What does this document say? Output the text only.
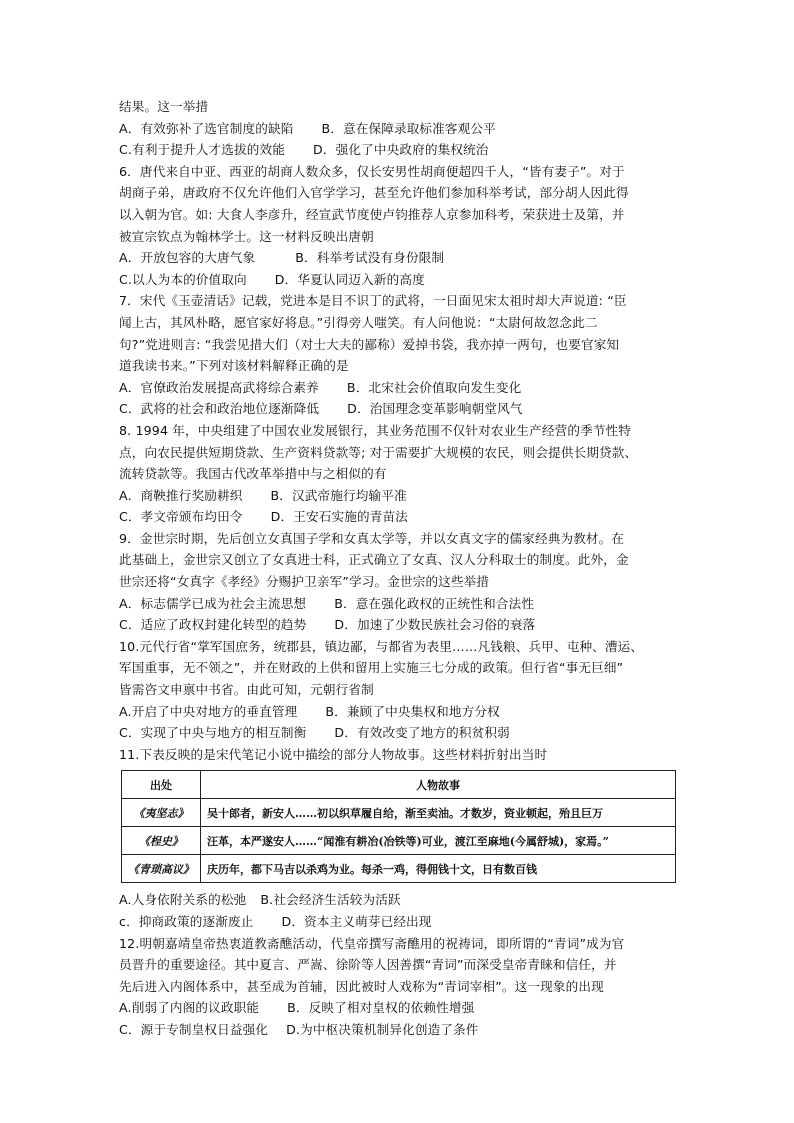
结果。这一举措
A．有效弥补了选官制度的缺陷 B．意在保障录取标准客观公平
C.有利于提升人才选拔的效能 D．强化了中央政府的集权统治
6．唐代来自中亚、西亚的胡商人数众多，仅长安男性胡商便超四千人，“皆有妻子”。对于
胡商子弟，唐政府不仅允许他们入官学学习，甚至允许他们参加科举考试，部分胡人因此得
以入朝为官。如: 大食人李彦升，经宣武节度使卢钧推荐人京参加科考，荣获进士及第，并
被宣宗钦点为翰林学士。这一材料反映出唐朝
A．开放包容的大唐气象	B．科举考试没有身份限制
C.以人为本的价值取向 D．华夏认同迈入新的高度
7．宋代《玉壶清话》记载，党进本是目不识丁的武将，一日面见宋太祖时却大声说道: “臣
闻上古，其风朴略，愿官家好将息。”引得旁人嗤笑。有人问他说：“太尉何故忽念此二
句?”党进则言: “我尝见措大们（对士大夫的鄙称）爱掉书袋，我亦掉一两句，也要官家知
道我读书来。”下列对该材料解释正确的是
A．官僚政治发展提高武将综合素养 B．北宋社会价值取向发生变化
C．武将的社会和政治地位逐渐降低 D．治国理念变革影响朝堂风气
8. 1994 年，中央组建了中国农业发展银行，其业务范围不仅针对农业生产经营的季节性特
点，向农民提供短期贷款、生产资料贷款等; 对于需要扩大规模的农民，则会提供长期贷款、
流转贷款等。我国古代改革举措中与之相似的有
A．商鞅推行奖励耕织 B．汉武帝施行均输平准
C．孝文帝颁布均田令 D．王安石实施的青苗法
9．金世宗时期，先后创立女真国子学和女真太学等，并以女真文字的儒家经典为教材。在
此基础上，金世宗又创立了女真进士科，正式确立了女真、汉人分科取士的制度。此外，金
世宗还将“女真字《孝经》分赐护卫亲军”学习。金世宗的这些举措
A．标志儒学已成为社会主流思想 B．意在强化政权的正统性和合法性
C．适应了政权封建化转型的趋势 D．加速了少数民族社会习俗的衰落
10.元代行省“掌军国庶务，统郡县，镇边鄙，与都省为表里……凡钱粮、兵甲、屯种、漕运、
军国重事，无不领之”，并在财政的上供和留用上实施三七分成的政策。但行省“事无巨细”
皆需咨文申禀中书省。由此可知，元朝行省制
A.开启了中央对地方的垂直管理 B．兼顾了中央集权和地方分权
C．实现了中央与地方的相互制衡 D．有效改变了地方的积贫积弱
11.下表反映的是宋代笔记小说中描绘的部分人物故事。这些材料折射出当时
出处	人物故事
《夷坚志》	吴十郎者，新安人……初以织草履自给，渐至卖油。才数岁，资业顿起，殆且巨万
《桯史》	汪革，本严遂安人……“闻淮有耕冶(冶铁等)可业，渡江至麻地(今属舒城)，家焉。”
《青琐高议》	庆历年，都下马吉以杀鸡为业。每杀一鸡，得佣钱十文，日有数百钱
A.人身依附关系的松弛 B.社会经济生活较为活跃
c．抑商政策的逐渐废止 D．资本主义萌芽已经出现
12.明朝嘉靖皇帝热衷道教斋醮活动，代皇帝撰写斋醮用的祝祷词，即所谓的“青词”成为官
员晋升的重要途径。其中夏言、严嵩、徐阶等人因善撰“青词”而深受皇帝青睐和信任，并
先后进入内阁体系中，甚至成为首辅，因此被时人戏称为“青词宰相”。这一现象的出现
A.削弱了内阁的议政职能 B．反映了相对皇权的依赖性增强
C．源于专制皇权日益强化 D.为中枢决策机制异化创造了条件
